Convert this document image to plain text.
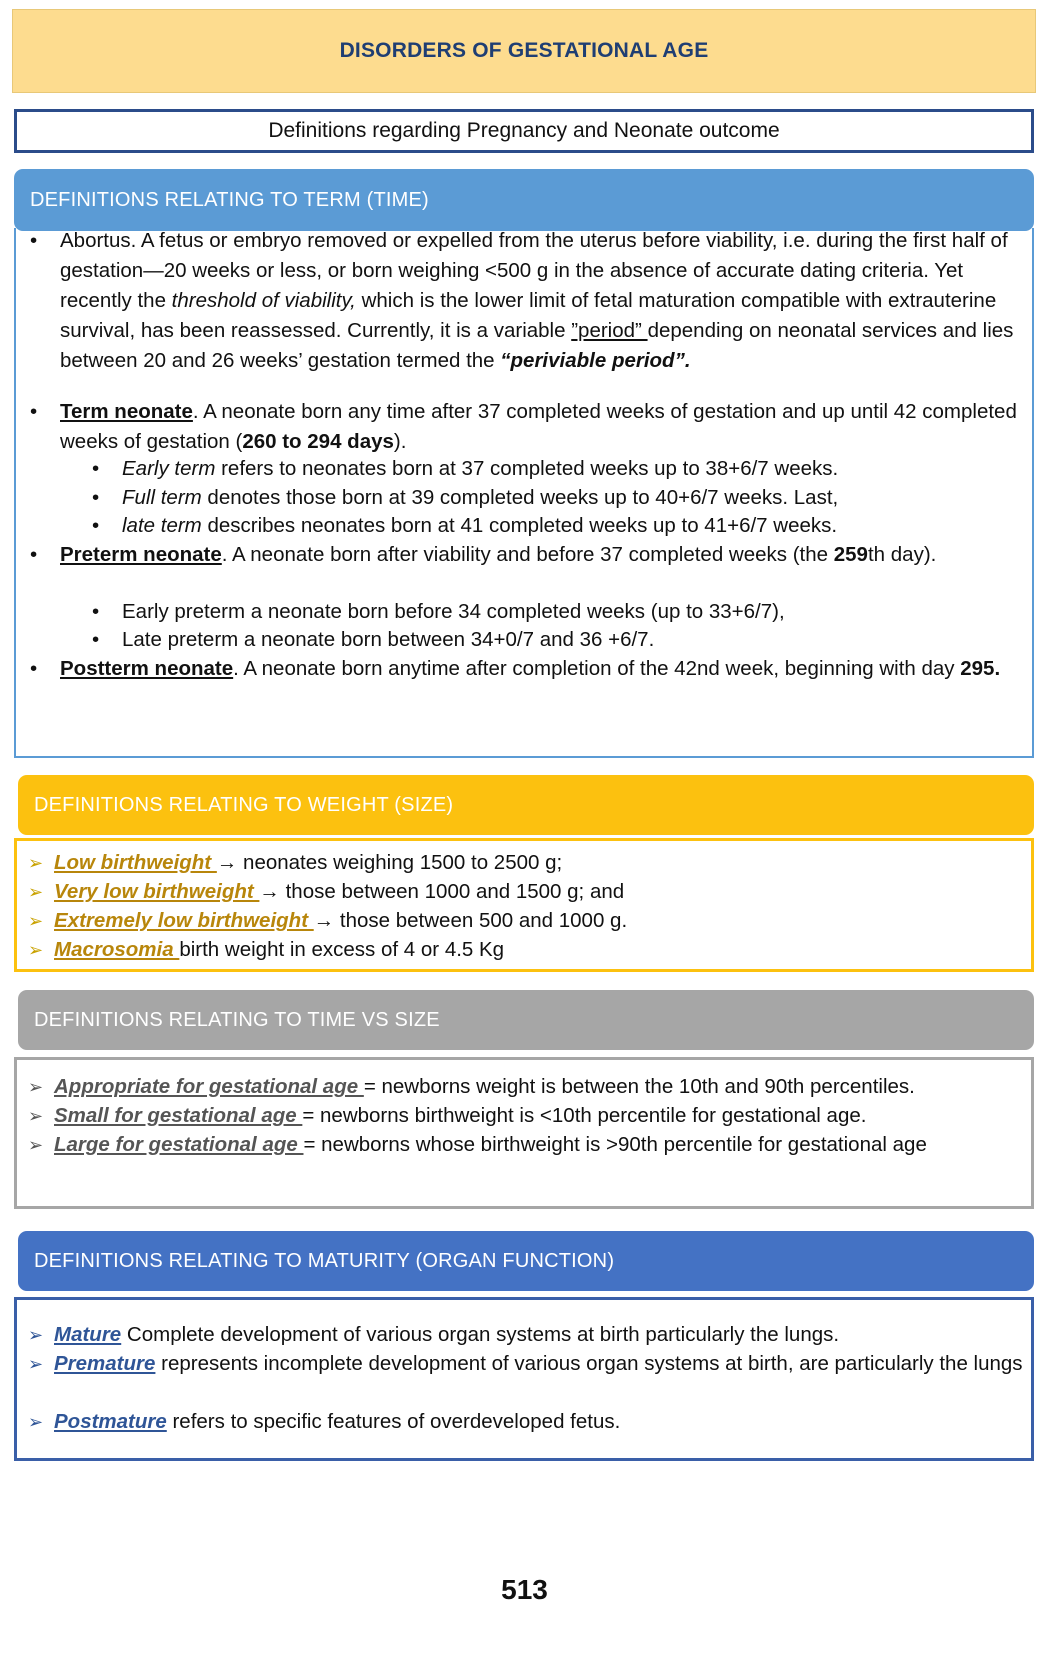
DISORDERS OF GESTATIONAL AGE
Definitions regarding Pregnancy and Neonate outcome
DEFINITIONS RELATING TO TERM (TIME)
• Abortus. A fetus or embryo removed or expelled from the uterus before viability, i.e. during the first half of gestation—20 weeks or less, or born weighing <500 g in the absence of accurate dating criteria. Yet recently the threshold of viability, which is the lower limit of fetal maturation compatible with extrauterine survival, has been reassessed. Currently, it is a variable ”period” depending on neonatal services and lies between 20 and 26 weeks’ gestation termed the “periviable period”.
• Term neonate. A neonate born any time after 37 completed weeks of gestation and up until 42 completed weeks of gestation (260 to 294 days).
• Early term refers to neonates born at 37 completed weeks up to 38+6/7 weeks.
• Full term denotes those born at 39 completed weeks up to 40+6/7 weeks. Last,
• late term describes neonates born at 41 completed weeks up to 41+6/7 weeks.
• Preterm neonate. A neonate born after viability and before 37 completed weeks (the 259th day).
• Early preterm a neonate born before 34 completed weeks (up to 33+6/7),
• Late preterm a neonate born between 34+0/7 and 36 +6/7.
• Postterm neonate. A neonate born anytime after completion of the 42nd week, beginning with day 295.
DEFINITIONS RELATING TO WEIGHT (SIZE)
➢ Low birthweight → neonates weighing 1500 to 2500 g;
➢ Very low birthweight → those between 1000 and 1500 g; and
➢ Extremely low birthweight → those between 500 and 1000 g.
➢ Macrosomia birth weight in excess of 4 or 4.5 Kg
DEFINITIONS RELATING TO TIME VS SIZE
➢ Appropriate for gestational age = newborns weight is between the 10th and 90th percentiles.
➢ Small for gestational age = newborns birthweight is <10th percentile for gestational age.
➢ Large for gestational age = newborns whose birthweight is >90th percentile for gestational age
DEFINITIONS RELATING TO MATURITY (ORGAN FUNCTION)
➢ Mature Complete development of various organ systems at birth particularly the lungs.
➢ Premature represents incomplete development of various organ systems at birth, are particularly the lungs
➢ Postmature refers to specific features of overdeveloped fetus.
513
